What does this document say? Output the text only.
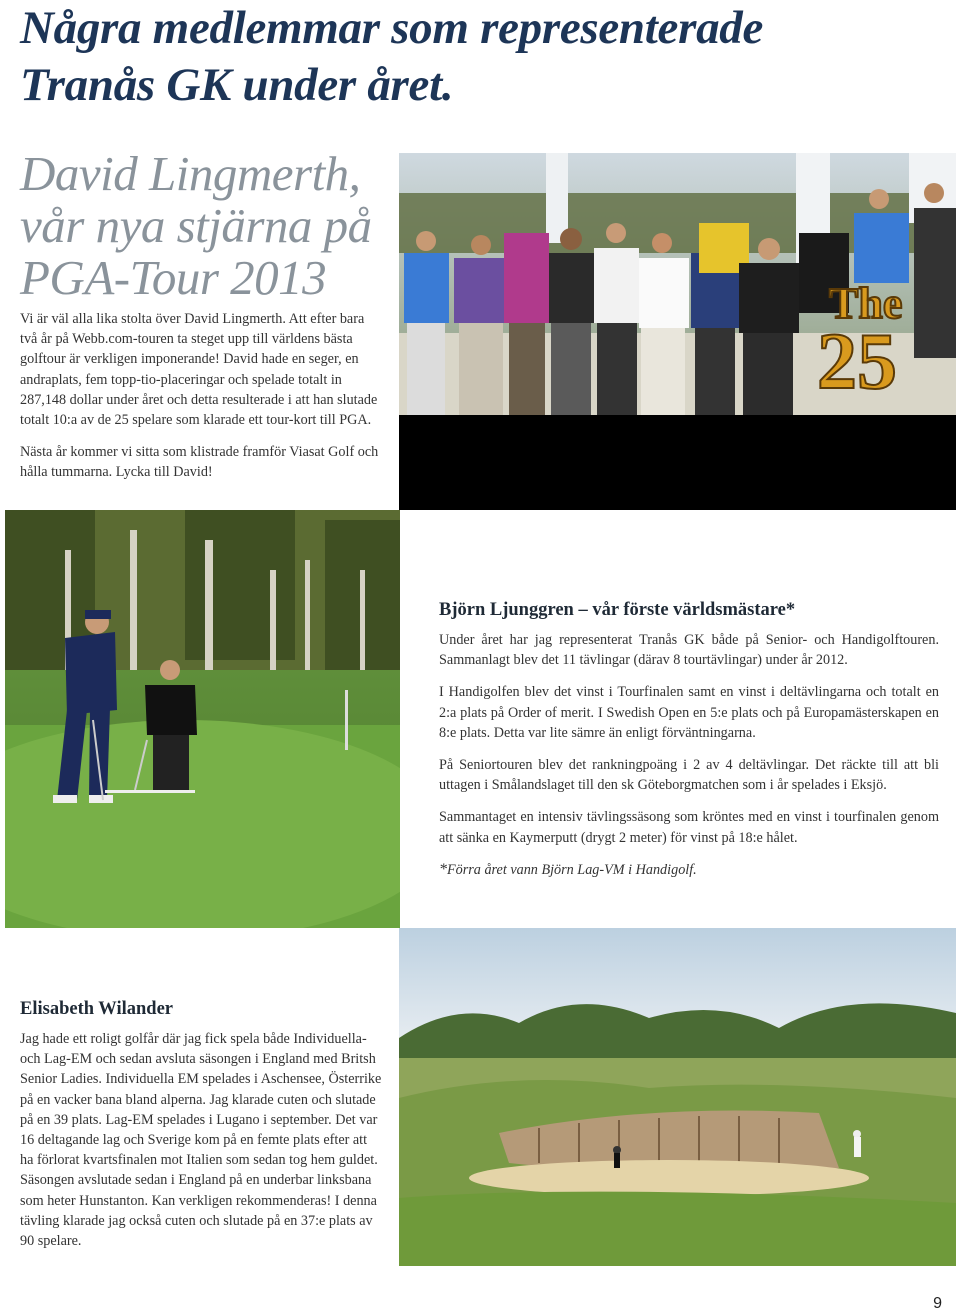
Några medlemmar som representerade
Tranås GK under året.
David Lingmerth,
vår nya stjärna på
PGA-Tour 2013

Vi är väl alla lika stolta över David Lingmerth. Att efter bara två år på Webb.com-touren ta steget upp till världens bästa golftour är verkligen imponerande! David hade en seger, en andraplats, fem topp-tio-placeringar och spelade totalt in 287,148 dollar under året och detta resulterade i att han slutade totalt 10:a av de 25 spelare som klarade ett tour-kort till PGA.

Nästa år kommer vi sitta som klistrade framför Viasat Golf och hålla tummarna. Lycka till David!

The
25
Björn Ljunggren – vår förste världsmästare*

Under året har jag representerat Tranås GK både på Senior- och Handigolftouren. Sammanlagt blev det 11 tävlingar (därav 8 tourtävlingar) under år 2012.

I Handigolfen blev det vinst i Tourfinalen samt en vinst i deltävlingarna och totalt en 2:a plats på Order of merit. I Swedish Open en 5:e plats och på Europamästerskapen en 8:e plats. Detta var lite sämre än enligt förväntningarna.

På Seniortouren blev det rankningpoäng i 2 av 4 deltävlingar. Det räckte till att bli uttagen i Smålandslaget till den sk Göteborgmatchen som i år spelades i Eksjö.

Sammantaget en intensiv tävlingssäsong som kröntes med en vinst i tourfinalen genom att sänka en Kaymerputt (drygt 2 meter) för vinst på 18:e hålet.

*Förra året vann Björn Lag-VM i Handigolf.

Elisabeth Wilander

Jag hade ett roligt golfår där jag fick spela både Individuella- och Lag-EM och sedan avsluta säsongen i England med Britsh Senior Ladies. Individuella EM spelades i Aschensee, Österrike på en vacker bana bland alperna. Jag klarade cuten och slutade på en 39 plats. Lag-EM spelades i Lugano i september. Det var 16 deltagande lag och Sverige kom på en femte plats efter att ha förlorat kvartsfinalen mot Italien som sedan tog hem guldet. Säsongen avslutade sedan i England på en underbar linksbana som heter Hunstanton. Kan verkligen rekommenderas! I denna tävling klarade jag också cuten och slutade på en 37:e plats av 90 spelare.

9
